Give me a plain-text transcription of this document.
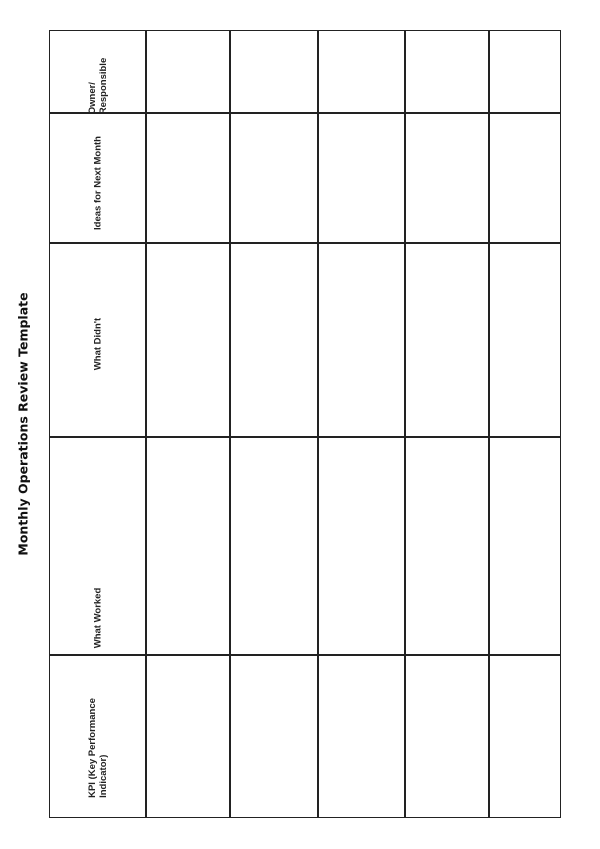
Monthly Operations Review Template
Owner/
Responsible
Ideas for Next Month
What Didn't
What Worked
KPI (Key Performance
Indicator)
